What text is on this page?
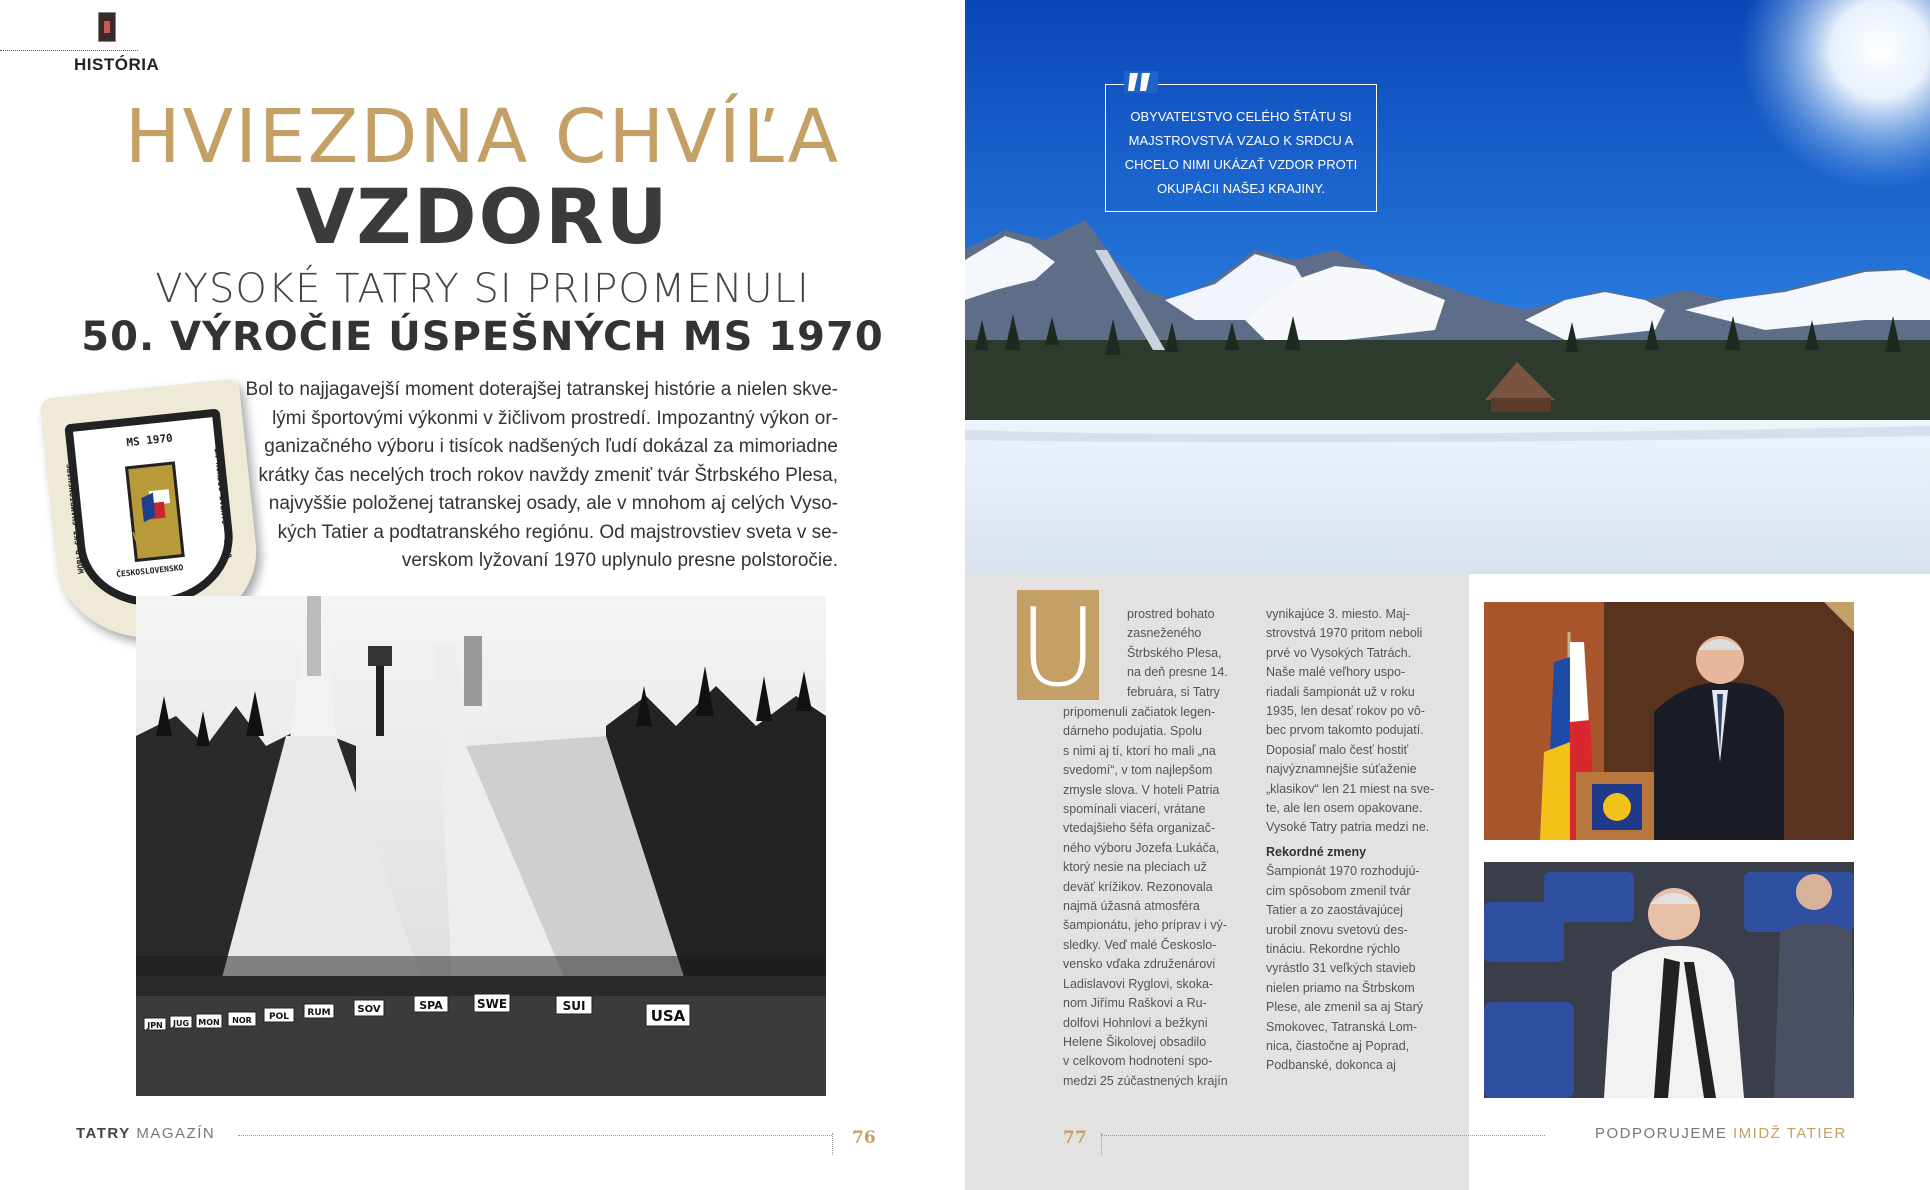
HISTÓRIA
HVIEZDNA CHVÍĽA
VZDORU
VYSOKÉ TATRY SI PRIPOMENULI
50. VÝROČIE ÚSPEŠNÝCH MS 1970
Bol to najjagavejší moment doterajšej tatranskej histórie a nielen skve-
lými športovými výkonmi v žičlivom prostredí. Impozantný výkon or-
ganizačného výboru i tisícok nadšených ľudí dokázal za mimoriadne
krátky čas necelých troch rokov navždy zmeniť tvár Štrbského Plesa,
najvyššie položenej tatranskej osady, ale v mnohom aj celých Vyso-
kých Tatier a podtatranského regiónu. Od majstrovstiev sveta v se-
verskom lyžovaní 1970 uplynulo presne polstoročie.
MS 1970
WORLD SKI CHAMPIONSHIPS	IN NORDIC EVENTS · 1970
VYSOKÉ
TATRY
ČESKOSLOVENSKO
JPN JUG MON NOR POL RUM	SOV	SPA	SWE	SUI
USA
TATRY MAGAZÍN	76
OBYVATEĽSTVO CELÉHO ŠTÁTU SI MAJSTROVSTVÁ VZALO K SRDCU A CHCELO NIMI UKÁZAŤ VZDOR PROTI OKUPÁCII NAŠEJ KRAJINY.
U prostred bohato
zasneženého
Štrbského Plesa,
na deň presne 14.
februára, si Tatry
pripomenuli začiatok legen-
dárneho podujatia. Spolu
s nimi aj tí, ktorí ho mali „na
svedomí“, v tom najlepšom
zmysle slova. V hoteli Patria
spomínali viacerí, vrátane
vtedajšieho šéfa organizač-
ného výboru Jozefa Lukáča,
ktorý nesie na pleciach už
deväť krížikov. Rezonovala
najmä úžasná atmosféra
šampionátu, jeho príprav i vý-
sledky. Veď malé Českoslo-
vensko vďaka združenárovi
Ladislavovi Ryglovi, skoka-
nom Jiřímu Raškovi a Ru-
dolfovi Hohnlovi a bežkyni
Helene Šikolovej obsadilo
v celkovom hodnotení spo-
medzi 25 zúčastnených krajín
vynikajúce 3. miesto. Maj-
strovstvá 1970 pritom neboli
prvé vo Vysokých Tatrách.
Naše malé veľhory uspo-
riadali šampionát už v roku
1935, len desať rokov po vô-
bec prvom takomto podujatí.
Doposiaľ malo česť hostiť
najvýznamnejšie súťaženie
„klasikov“ len 21 miest na sve-
te, ale len osem opakovane.
Vysoké Tatry patria medzi ne.
Rekordné zmeny
Šampionát 1970 rozhodujú-
cim spôsobom zmenil tvár
Tatier a zo zaostávajúcej
urobil znovu svetovú des-
tináciu. Rekordne rýchlo
vyrástlo 31 veľkých stavieb
nielen priamo na Štrbskom
Plese, ale zmenil sa aj Starý
Smokovec, Tatranská Lom-
nica, čiastočne aj Poprad,
Podbanské, dokonca aj
77	PODPORUJEME IMIDŽ TATIER
